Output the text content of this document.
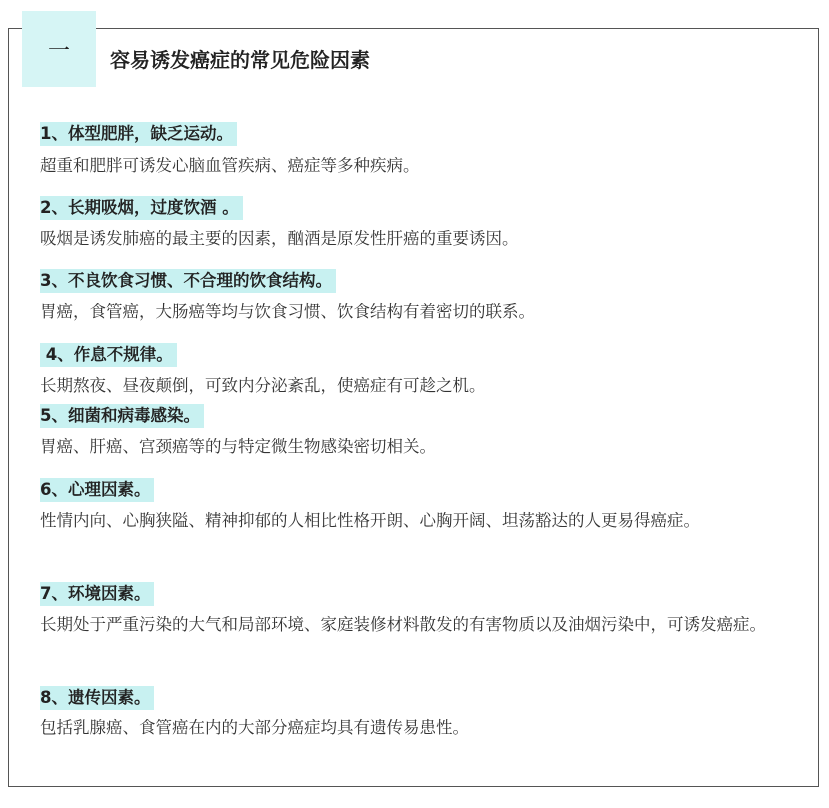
一 容易诱发癌症的常见危险因素
1、体型肥胖，缺乏运动。
超重和肥胖可诱发心脑血管疾病、癌症等多种疾病。
2、长期吸烟，过度饮酒 。
吸烟是诱发肺癌的最主要的因素，酗酒是原发性肝癌的重要诱因。
3、不良饮食习惯、不合理的饮食结构。
胃癌，食管癌，大肠癌等均与饮食习惯、饮食结构有着密切的联系。
4、作息不规律。
长期熬夜、昼夜颠倒，可致内分泌紊乱，使癌症有可趁之机。
5、细菌和病毒感染。
胃癌、肝癌、宫颈癌等的与特定微生物感染密切相关。
6、心理因素。
性情内向、心胸狭隘、精神抑郁的人相比性格开朗、心胸开阔、坦荡豁达的人更易得癌症。
7、环境因素。
长期处于严重污染的大气和局部环境、家庭装修材料散发的有害物质以及油烟污染中，可诱发癌症。
8、遗传因素。
包括乳腺癌、食管癌在内的大部分癌症均具有遗传易患性。
